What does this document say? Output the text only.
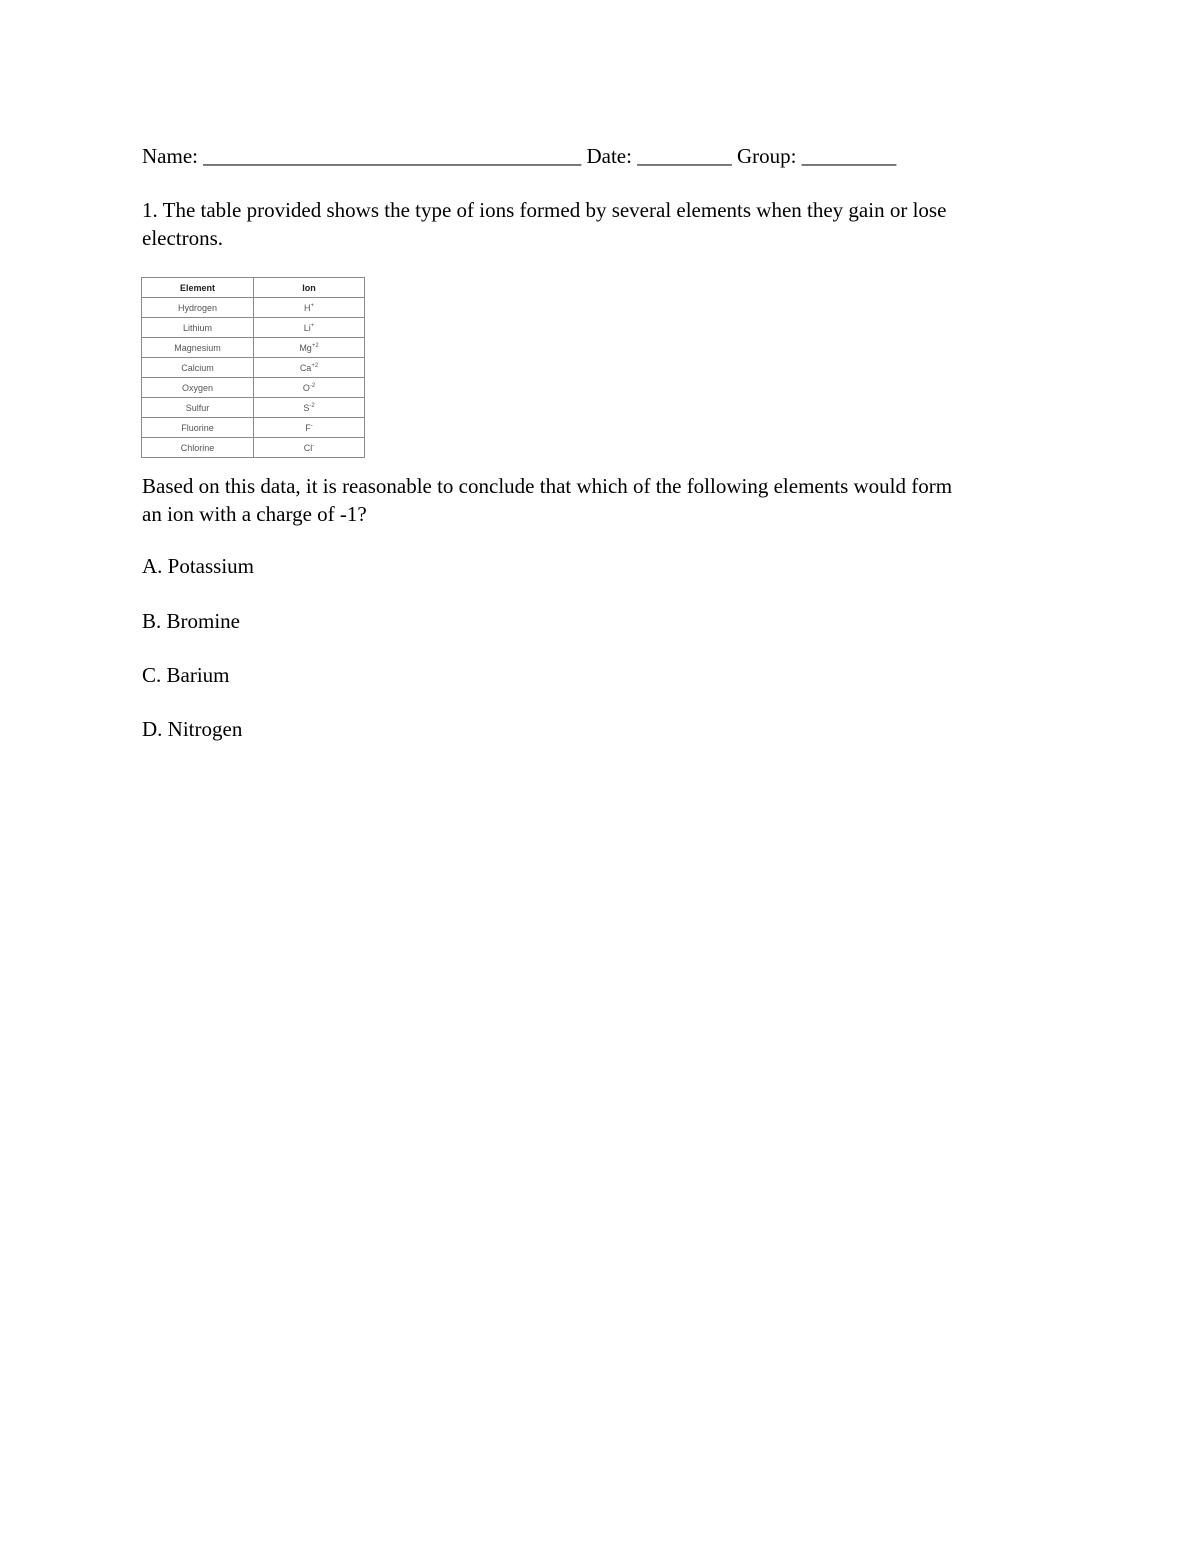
Name: ____________________________________ Date: _________ Group: _________
1. The table provided shows the type of ions formed by several elements when they gain or lose
electrons.
Element	Ion
Hydrogen	H+
Lithium	Li+
Magnesium	$Mg^{+2}$
Calcium	$Ca^{+2}$
Oxygen	$O^{-2}$
Sulfur	$S^{-2}$
Fluorine	F-
Chlorine	Cl-
Based on this data, it is reasonable to conclude that which of the following elements would form
an ion with a charge of -1?
A. Potassium
B. Bromine
C. Barium
D. Nitrogen
